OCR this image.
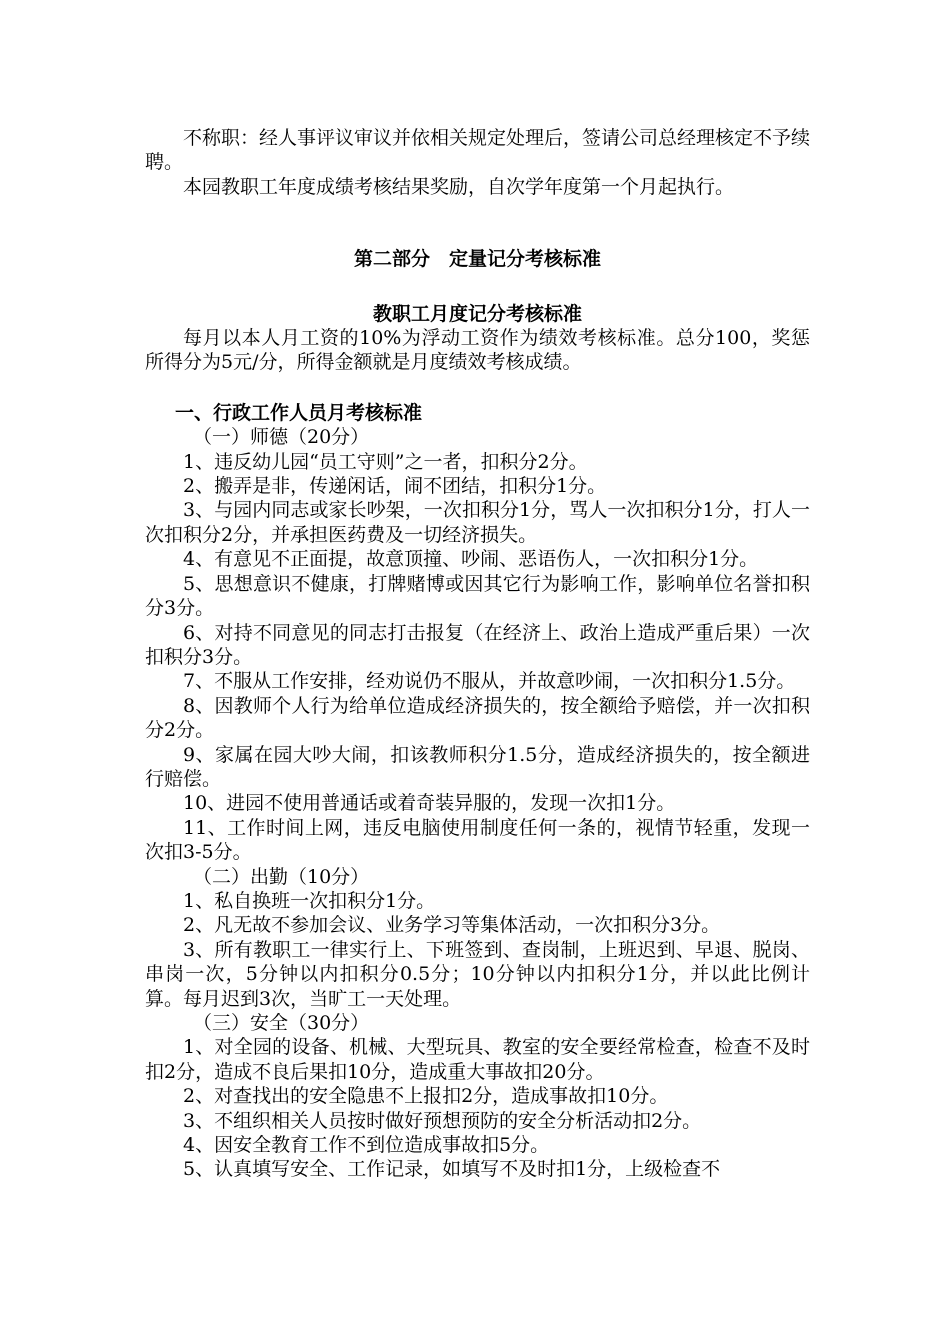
不称职：经人事评议审议并依相关规定处理后，签请公司总经理核定不予续聘。

本园教职工年度成绩考核结果奖励，自次学年度第一个月起执行。

第二部分　定量记分考核标准

教职工月度记分考核标准

每月以本人月工资的10%为浮动工资作为绩效考核标准。总分100，奖惩所得分为5元/分，所得金额就是月度绩效考核成绩。

一、行政工作人员月考核标准

（一）师德（20分）

1、违反幼儿园“员工守则”之一者，扣积分2分。

2、搬弄是非，传递闲话，闹不团结，扣积分1分。

3、与园内同志或家长吵架，一次扣积分1分，骂人一次扣积分1分，打人一次扣积分2分，并承担医药费及一切经济损失。

4、有意见不正面提，故意顶撞、吵闹、恶语伤人，一次扣积分1分。

5、思想意识不健康，打牌赌博或因其它行为影响工作，影响单位名誉扣积分3分。

6、对持不同意见的同志打击报复（在经济上、政治上造成严重后果）一次扣积分3分。

7、不服从工作安排，经劝说仍不服从，并故意吵闹，一次扣积分1.5分。

8、因教师个人行为给单位造成经济损失的，按全额给予赔偿，并一次扣积分2分。

9、家属在园大吵大闹，扣该教师积分1.5分，造成经济损失的，按全额进行赔偿。

10、进园不使用普通话或着奇装异服的，发现一次扣1分。

11、工作时间上网，违反电脑使用制度任何一条的，视情节轻重，发现一次扣3-5分。

（二）出勤（10分）

1、私自换班一次扣积分1分。

2、凡无故不参加会议、业务学习等集体活动，一次扣积分3分。

3、所有教职工一律实行上、下班签到、查岗制，上班迟到、早退、脱岗、串岗一次，5分钟以内扣积分0.5分；10分钟以内扣积分1分，并以此比例计算。每月迟到3次，当旷工一天处理。

（三）安全（30分）

1、对全园的设备、机械、大型玩具、教室的安全要经常检查，检查不及时扣2分，造成不良后果扣10分，造成重大事故扣20分。

2、对查找出的安全隐患不上报扣2分，造成事故扣10分。

3、不组织相关人员按时做好预想预防的安全分析活动扣2分。

4、因安全教育工作不到位造成事故扣5分。

5、认真填写安全、工作记录，如填写不及时扣1分，上级检查不
